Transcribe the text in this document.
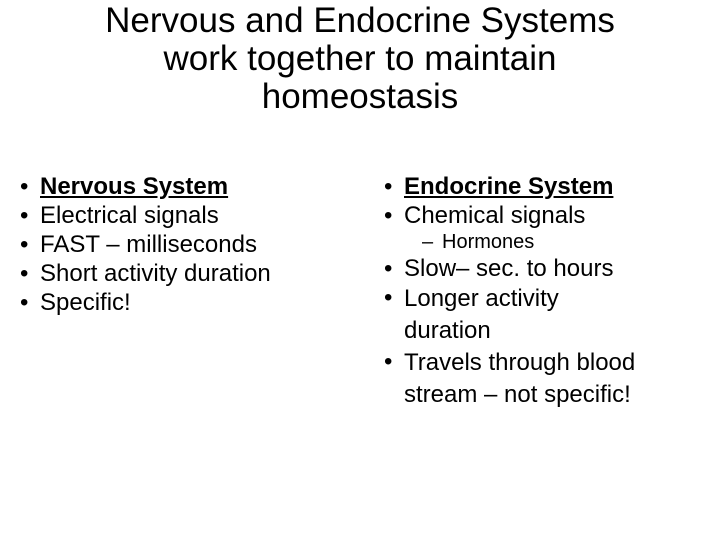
Nervous and Endocrine Systems
work together to maintain
homeostasis
• Nervous System
• Electrical signals
• FAST – milliseconds
• Short activity duration
• Specific!
• Endocrine System
• Chemical signals
– Hormones
• Slow– sec. to hours
• Longer activity
duration
• Travels through blood
stream – not specific!
